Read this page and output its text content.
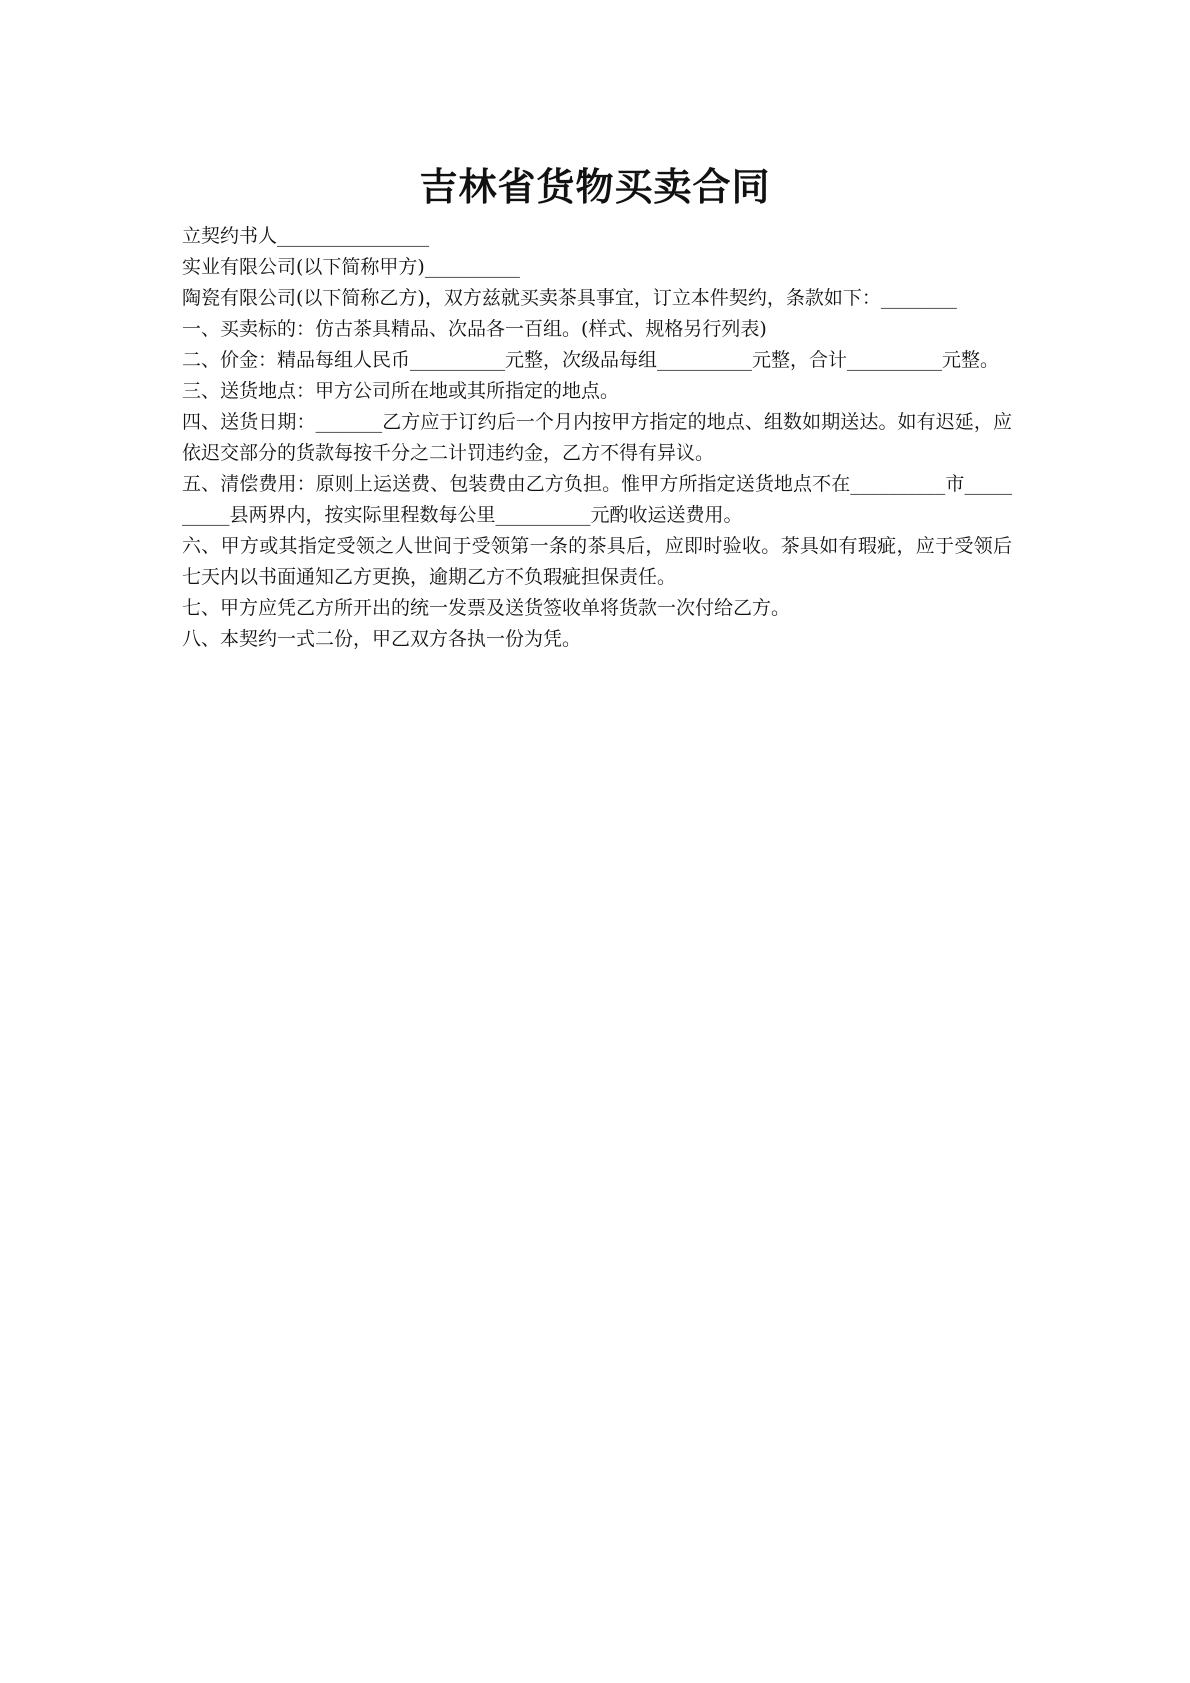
吉林省货物买卖合同

立契约书人________________

实业有限公司(以下简称甲方)__________

陶瓷有限公司(以下简称乙方)，双方兹就买卖茶具事宜，订立本件契约，条款如下：________

一、买卖标的：仿古茶具精品、次品各一百组。(样式、规格另行列表)

二、价金：精品每组人民币__________元整，次级品每组__________元整，合计__________元整。

三、送货地点：甲方公司所在地或其所指定的地点。

四、送货日期：_______乙方应于订约后一个月内按甲方指定的地点、组数如期送达。如有迟延，应依迟交部分的货款每按千分之二计罚违约金，乙方不得有异议。

五、清偿费用：原则上运送费、包装费由乙方负担。惟甲方所指定送货地点不在__________市__________县两界内，按实际里程数每公里__________元酌收运送费用。

六、甲方或其指定受领之人世间于受领第一条的茶具后，应即时验收。茶具如有瑕疵，应于受领后七天内以书面通知乙方更换，逾期乙方不负瑕疵担保责任。

七、甲方应凭乙方所开出的统一发票及送货签收单将货款一次付给乙方。

八、本契约一式二份，甲乙双方各执一份为凭。
